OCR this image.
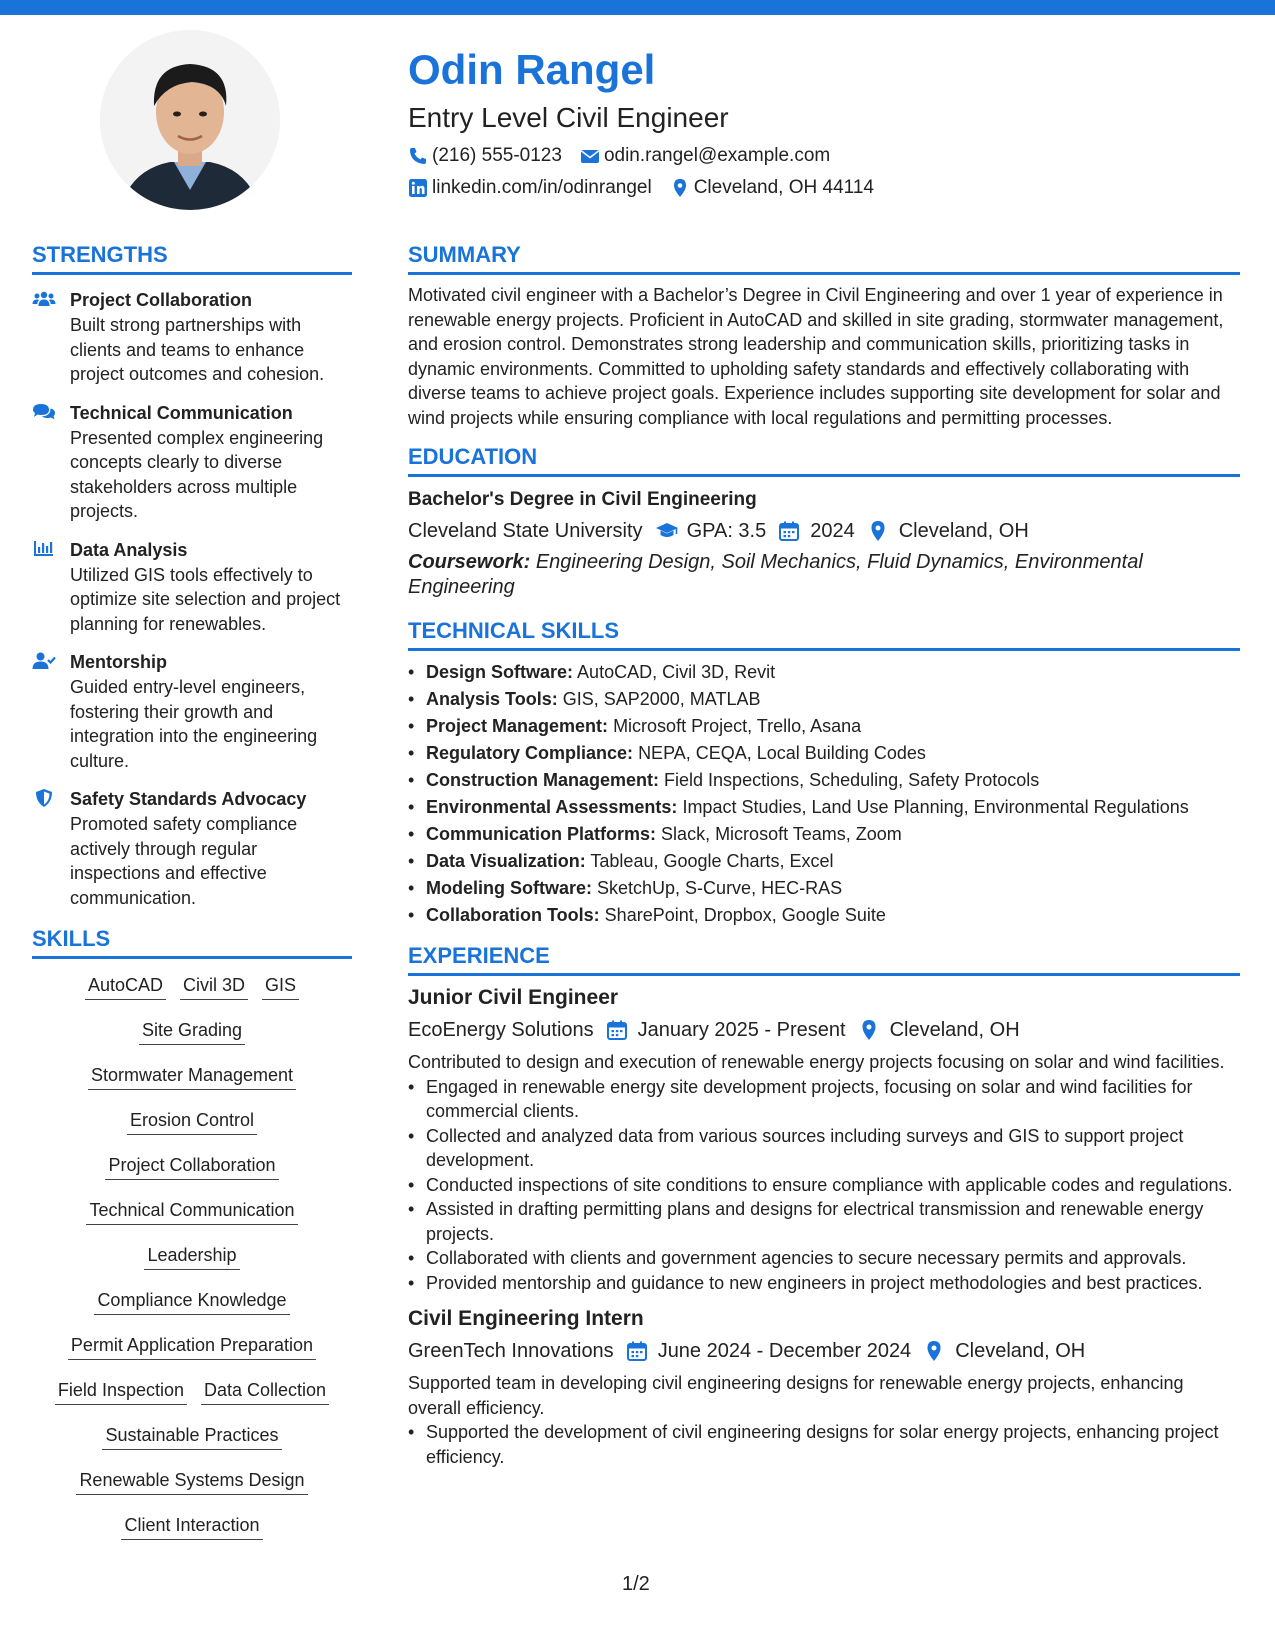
Odin Rangel
Entry Level Civil Engineer
(216) 555-0123 odin.rangel@example.com
linkedin.com/in/odinrangel Cleveland, OH 44114
STRENGTHS
Project Collaboration
Built strong partnerships with clients and teams to enhance project outcomes and cohesion.
Technical Communication
Presented complex engineering concepts clearly to diverse stakeholders across multiple projects.
Data Analysis
Utilized GIS tools effectively to optimize site selection and project planning for renewables.
Mentorship
Guided entry-level engineers, fostering their growth and integration into the engineering culture.
Safety Standards Advocacy
Promoted safety compliance actively through regular inspections and effective communication.
SKILLS
AutoCAD Civil 3D GIS
Site Grading
Stormwater Management
Erosion Control
Project Collaboration
Technical Communication
Leadership
Compliance Knowledge
Permit Application Preparation
Field Inspection Data Collection
Sustainable Practices
Renewable Systems Design
Client Interaction
SUMMARY
Motivated civil engineer with a Bachelor’s Degree in Civil Engineering and over 1 year of experience in renewable energy projects. Proficient in AutoCAD and skilled in site grading, stormwater management, and erosion control. Demonstrates strong leadership and communication skills, prioritizing tasks in dynamic environments. Committed to upholding safety standards and effectively collaborating with diverse teams to achieve project goals. Experience includes supporting site development for solar and wind projects while ensuring compliance with local regulations and permitting processes.
EDUCATION
Bachelor's Degree in Civil Engineering
Cleveland State University GPA: 3.5 2024 Cleveland, OH
Coursework: Engineering Design, Soil Mechanics, Fluid Dynamics, Environmental Engineering
TECHNICAL SKILLS
• Design Software: AutoCAD, Civil 3D, Revit
• Analysis Tools: GIS, SAP2000, MATLAB
• Project Management: Microsoft Project, Trello, Asana
• Regulatory Compliance: NEPA, CEQA, Local Building Codes
• Construction Management: Field Inspections, Scheduling, Safety Protocols
• Environmental Assessments: Impact Studies, Land Use Planning, Environmental Regulations
• Communication Platforms: Slack, Microsoft Teams, Zoom
• Data Visualization: Tableau, Google Charts, Excel
• Modeling Software: SketchUp, S-Curve, HEC-RAS
• Collaboration Tools: SharePoint, Dropbox, Google Suite
EXPERIENCE
Junior Civil Engineer
EcoEnergy Solutions January 2025 - Present Cleveland, OH
Contributed to design and execution of renewable energy projects focusing on solar and wind facilities.
• Engaged in renewable energy site development projects, focusing on solar and wind facilities for commercial clients.
• Collected and analyzed data from various sources including surveys and GIS to support project development.
• Conducted inspections of site conditions to ensure compliance with applicable codes and regulations.
• Assisted in drafting permitting plans and designs for electrical transmission and renewable energy projects.
• Collaborated with clients and government agencies to secure necessary permits and approvals.
• Provided mentorship and guidance to new engineers in project methodologies and best practices.
Civil Engineering Intern
GreenTech Innovations June 2024 - December 2024 Cleveland, OH
Supported team in developing civil engineering designs for renewable energy projects, enhancing overall efficiency.
• Supported the development of civil engineering designs for solar energy projects, enhancing project efficiency.
1/2
